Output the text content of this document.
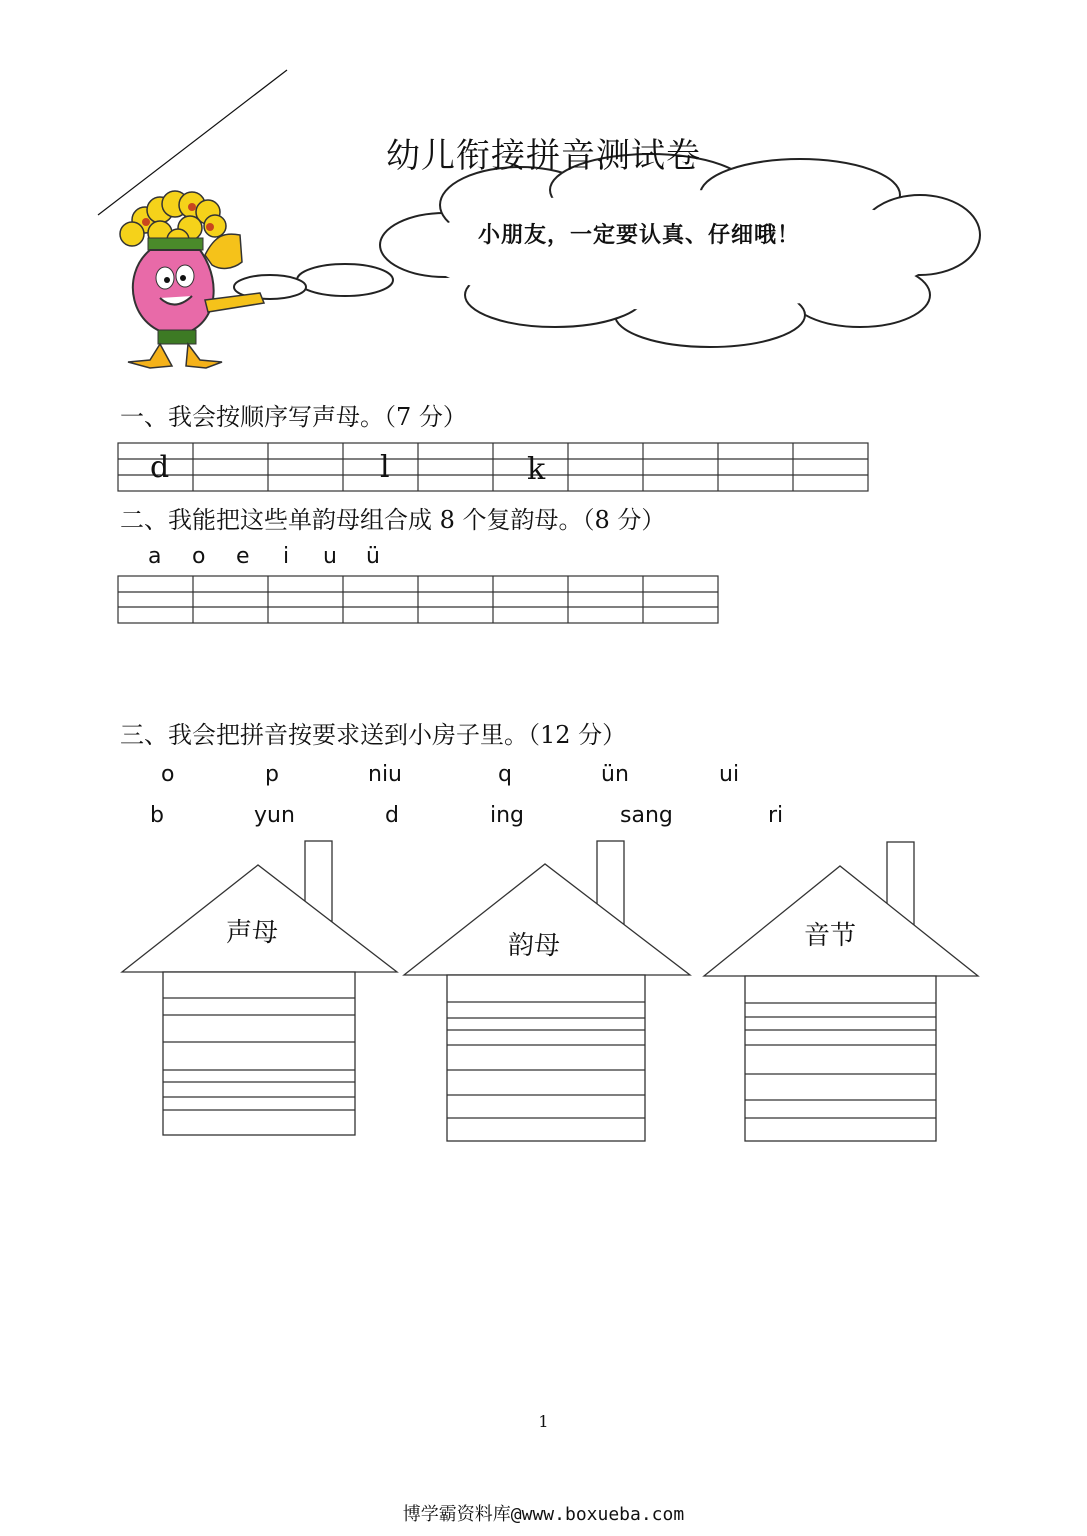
幼儿衔接拼音测试卷
小朋友，一定要认真、仔细哦！
一、我会按顺序写声母。（7 分）
d	l	k
二、我能把这些单韵母组合成 8 个复韵母。（8 分）
a o e i u ü
三、我会把拼音按要求送到小房子里。（12 分）
o	p	niu	q	ün	ui
b	yun	d	ing	sang	ri
声母	韵母	音节
1
博学霸资料库@www.boxueba.com
